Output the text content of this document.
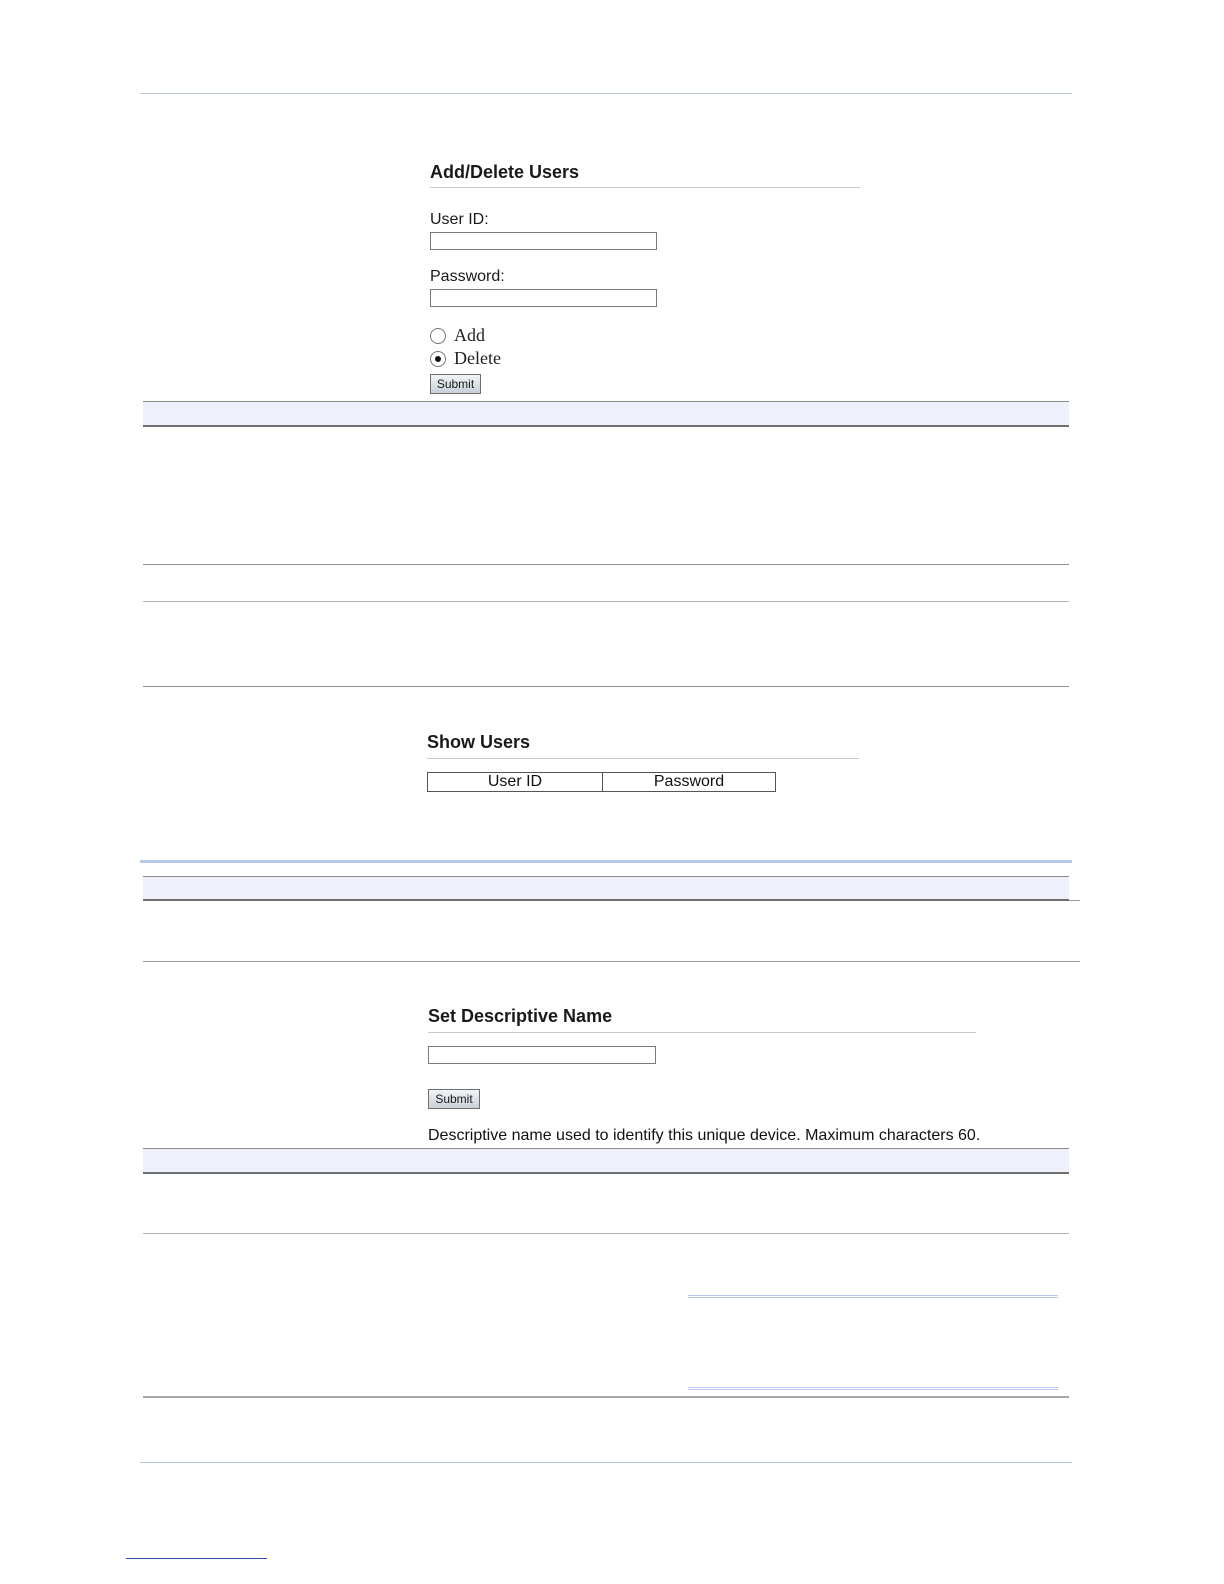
Add/Delete Users
User ID:
Password:
Add
Delete
Submit
Show Users
User ID	Password
Set Descriptive Name
Submit
Descriptive name used to identify this unique device. Maximum characters 60.
